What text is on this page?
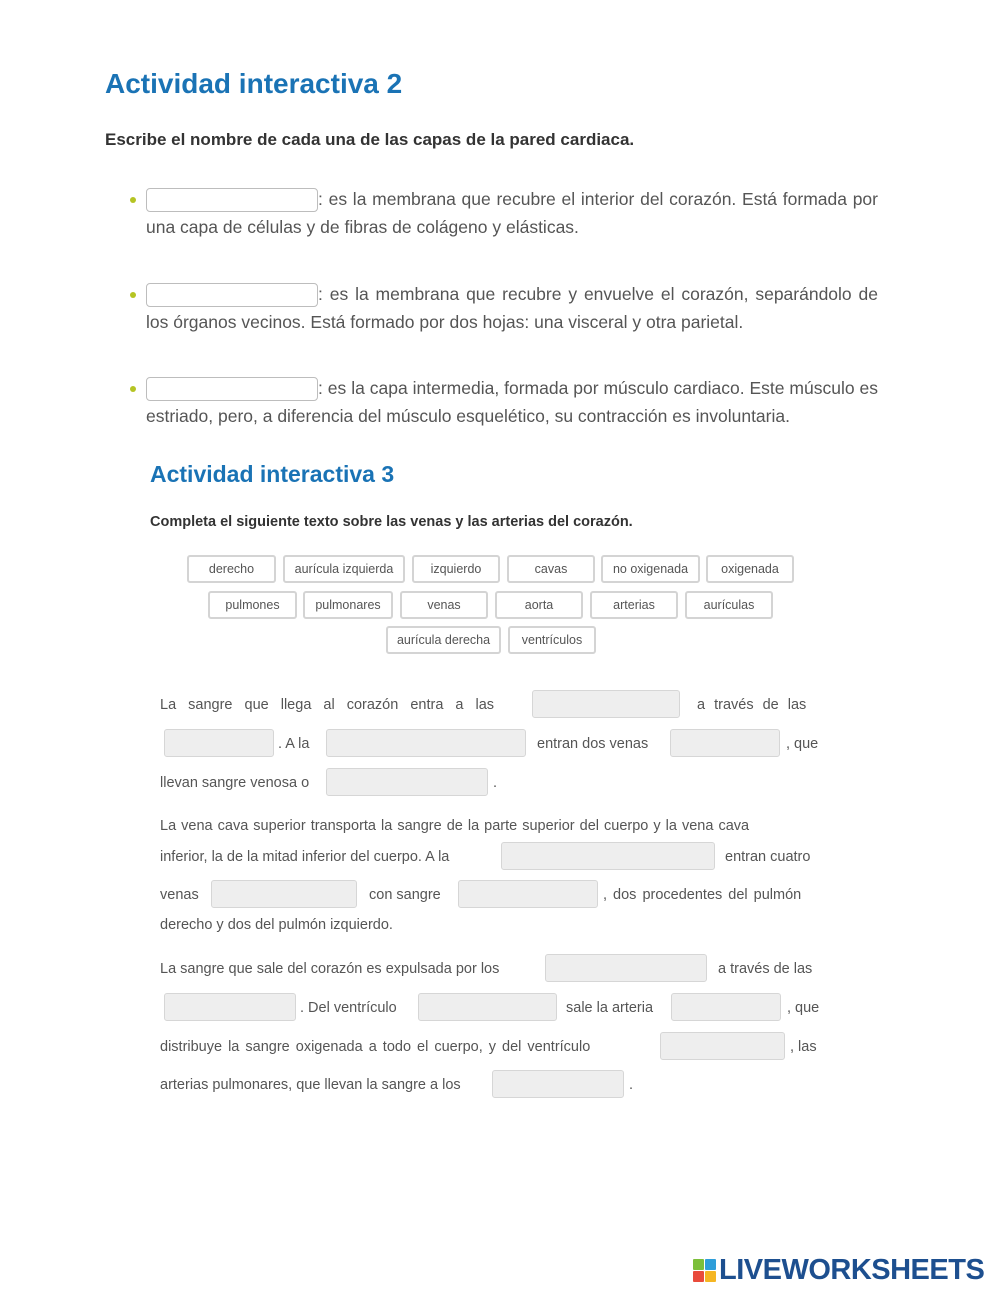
Actividad interactiva 2
Escribe el nombre de cada una de las capas de la pared cardiaca.
: es la membrana que recubre el interior del corazón. Está formada por una capa de células y de fibras de colágeno y elásticas.
: es la membrana que recubre y envuelve el corazón, separándolo de los órganos vecinos. Está formado por dos hojas: una visceral y otra parietal.
: es la capa intermedia, formada por músculo cardiaco. Este músculo es estriado, pero, a diferencia del músculo esquelético, su contracción es involuntaria.
Actividad interactiva 3
Completa el siguiente texto sobre las venas y las arterias del corazón.
derecho	aurícula izquierda	izquierdo	cavas	no oxigenada	oxigenada
pulmones	pulmonares	venas	aorta	arterias	aurículas
aurícula derecha	ventrículos
La sangre que llega al corazón entra a las	a través de las
. A la	entran dos venas	, que
llevan sangre venosa o	.
La vena cava superior transporta la sangre de la parte superior del cuerpo y la vena cava
inferior, la de la mitad inferior del cuerpo. A la	entran cuatro
venas	con sangre	, dos procedentes del pulmón
derecho y dos del pulmón izquierdo.
La sangre que sale del corazón es expulsada por los	a través de las
. Del ventrículo	sale la arteria	, que
distribuye la sangre oxigenada a todo el cuerpo, y del ventrículo	, las
arterias pulmonares, que llevan la sangre a los	.
LIVEWORKSHEETS
